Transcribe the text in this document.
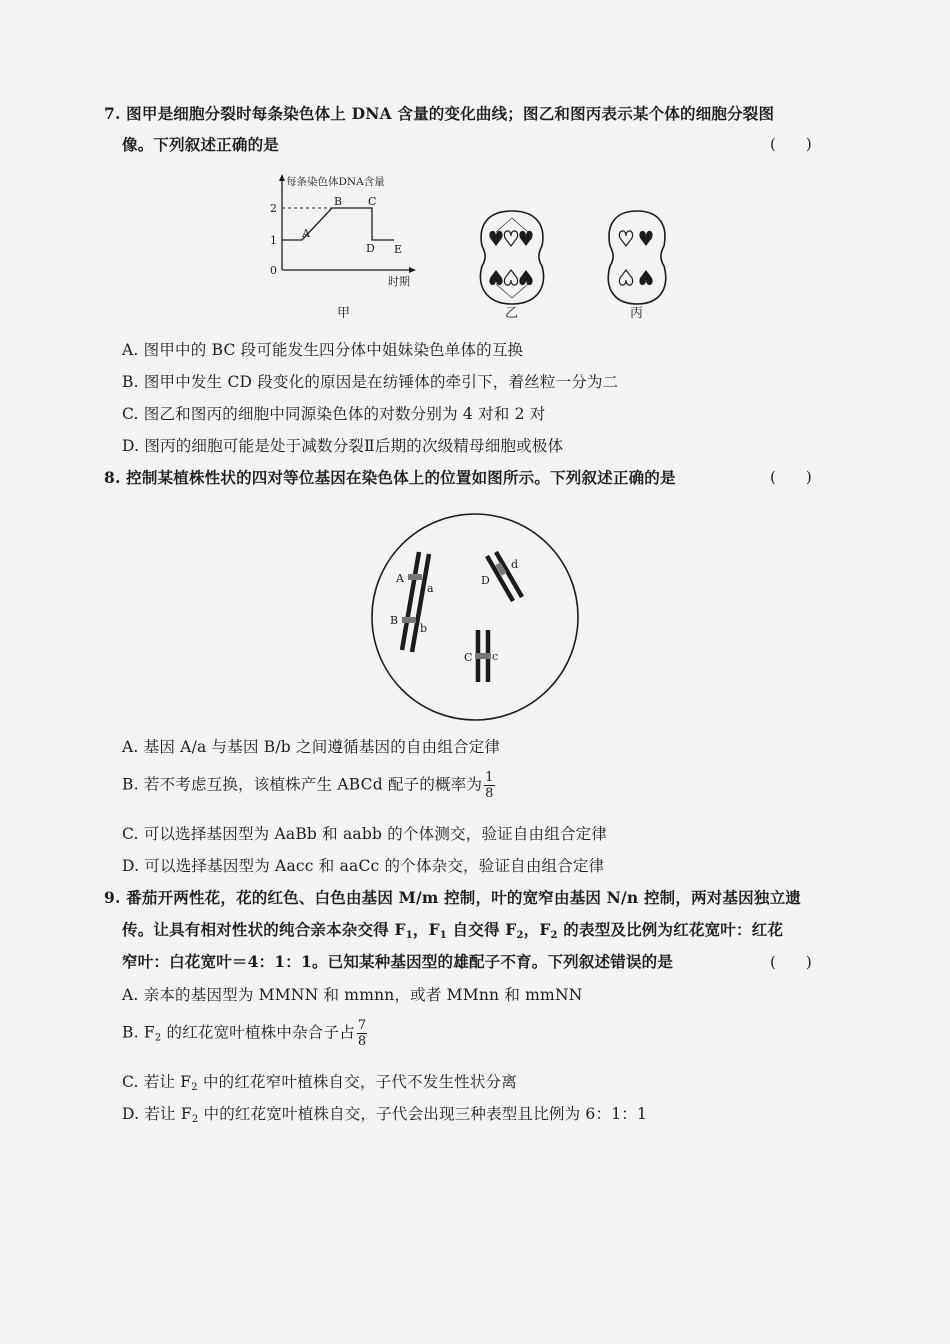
7. 图甲是细胞分裂时每条染色体上 DNA 含量的变化曲线；图乙和图丙表示某个体的细胞分裂图
像。下列叙述正确的是	(　　)
每条染色体DNA含量
时期
0
1
2
A
B C
D E
甲	乙	丙
A. 图甲中的 BC 段可能发生四分体中姐妹染色单体的互换
B. 图甲中发生 CD 段变化的原因是在纺锤体的牵引下，着丝粒一分为二
C. 图乙和图丙的细胞中同源染色体的对数分别为 4 对和 2 对
D. 图丙的细胞可能是处于减数分裂Ⅱ后期的次级精母细胞或极体
8. 控制某植株性状的四对等位基因在染色体上的位置如图所示。下列叙述正确的是	(　　)
A
a
B
b
D
d
C c
A. 基因 A/a 与基因 B/b 之间遵循基因的自由组合定律
B. 若不考虑互换，该植株产生 ABCd 配子的概率为 $\frac{1}{8}$
C. 可以选择基因型为 AaBb 和 aabb 的个体测交，验证自由组合定律
D. 可以选择基因型为 Aacc 和 aaCc 的个体杂交，验证自由组合定律
9. 番茄开两性花，花的红色、白色由基因 M/m 控制，叶的宽窄由基因 N/n 控制，两对基因独立遗
传。让具有相对性状的纯合亲本杂交得 $F_1$，$F_1$ 自交得 $F_2$，$F_2$ 的表型及比例为红花宽叶：红花
窄叶：白花宽叶＝4：1：1。已知某种基因型的雄配子不育。下列叙述错误的是	(　　)
A. 亲本的基因型为 MMNN 和 mmnn，或者 MMnn 和 mmNN
B. $F_2$ 的红花宽叶植株中杂合子占 $\frac{7}{8}$
C. 若让 $F_2$ 中的红花窄叶植株自交，子代不发生性状分离
D. 若让 $F_2$ 中的红花宽叶植株自交，子代会出现三种表型且比例为 6：1：1
